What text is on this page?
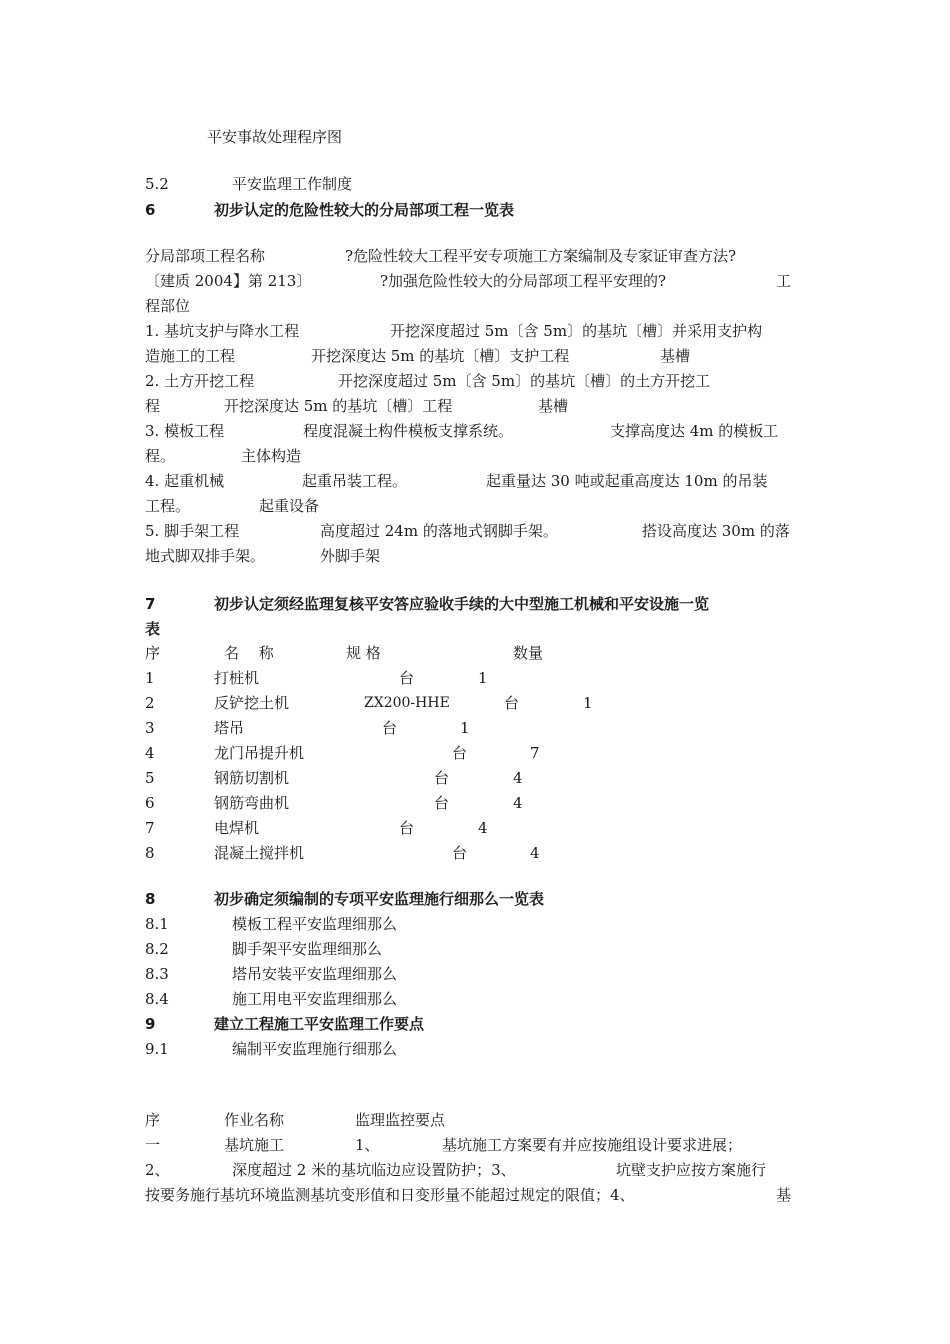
平安事故处理程序图
5.2	平安监理工作制度
6	初步认定的危险性较大的分局部项工程一览表
分局部项工程名称	?危险性较大工程平安专项施工方案编制及专家证审查方法?
〔建质 2004】第 213〕	?加强危险性较大的分局部项工程平安理的?	工
程部位
1. 基坑支护与降水工程	开挖深度超过 5m〔含 5m〕的基坑〔槽〕并采用支护构
造施工的工程	开挖深度达 5m 的基坑〔槽〕支护工程	基槽
2. 土方开挖工程	开挖深度超过 5m〔含 5m〕的基坑〔槽〕的土方开挖工
程	开挖深度达 5m 的基坑〔槽〕工程	基槽
3. 模板工程	程度混凝土构件模板支撑系统。	支撑高度达 4m 的模板工
程。	主体构造
4. 起重机械	起重吊装工程。	起重量达 30 吨或起重高度达 10m 的吊装
工程。	起重设备
5. 脚手架工程	高度超过 24m 的落地式钢脚手架。	搭设高度达 30m 的落
地式脚双排手架。	外脚手架
7	初步认定须经监理复核平安答应验收手续的大中型施工机械和平安设施一览
表
序	名　 称	规 格	数量
1	打桩机	台	1
2	反铲挖土机	ZX200-HHE	台	1
3	塔吊	台	1
4	龙门吊提升机	台	7
5	钢筋切割机	台	4
6	钢筋弯曲机	台	4
7	电焊机	台	4
8	混凝土搅拌机	台	4
8	初步确定须编制的专项平安监理施行细那么一览表
8.1	模板工程平安监理细那么
8.2	脚手架平安监理细那么
8.3	塔吊安装平安监理细那么
8.4	施工用电平安监理细那么
9	建立工程施工平安监理工作要点
9.1	编制平安监理施行细那么
序	作业名称	监理监控要点
一	基坑施工	1、	基坑施工方案要有并应按施组设计要求进展；
2、	深度超过 2 米的基坑临边应设置防护；3、	坑壁支护应按方案施行
按要务施行基坑环境监测基坑变形值和日变形量不能超过规定的限值；4、	基
